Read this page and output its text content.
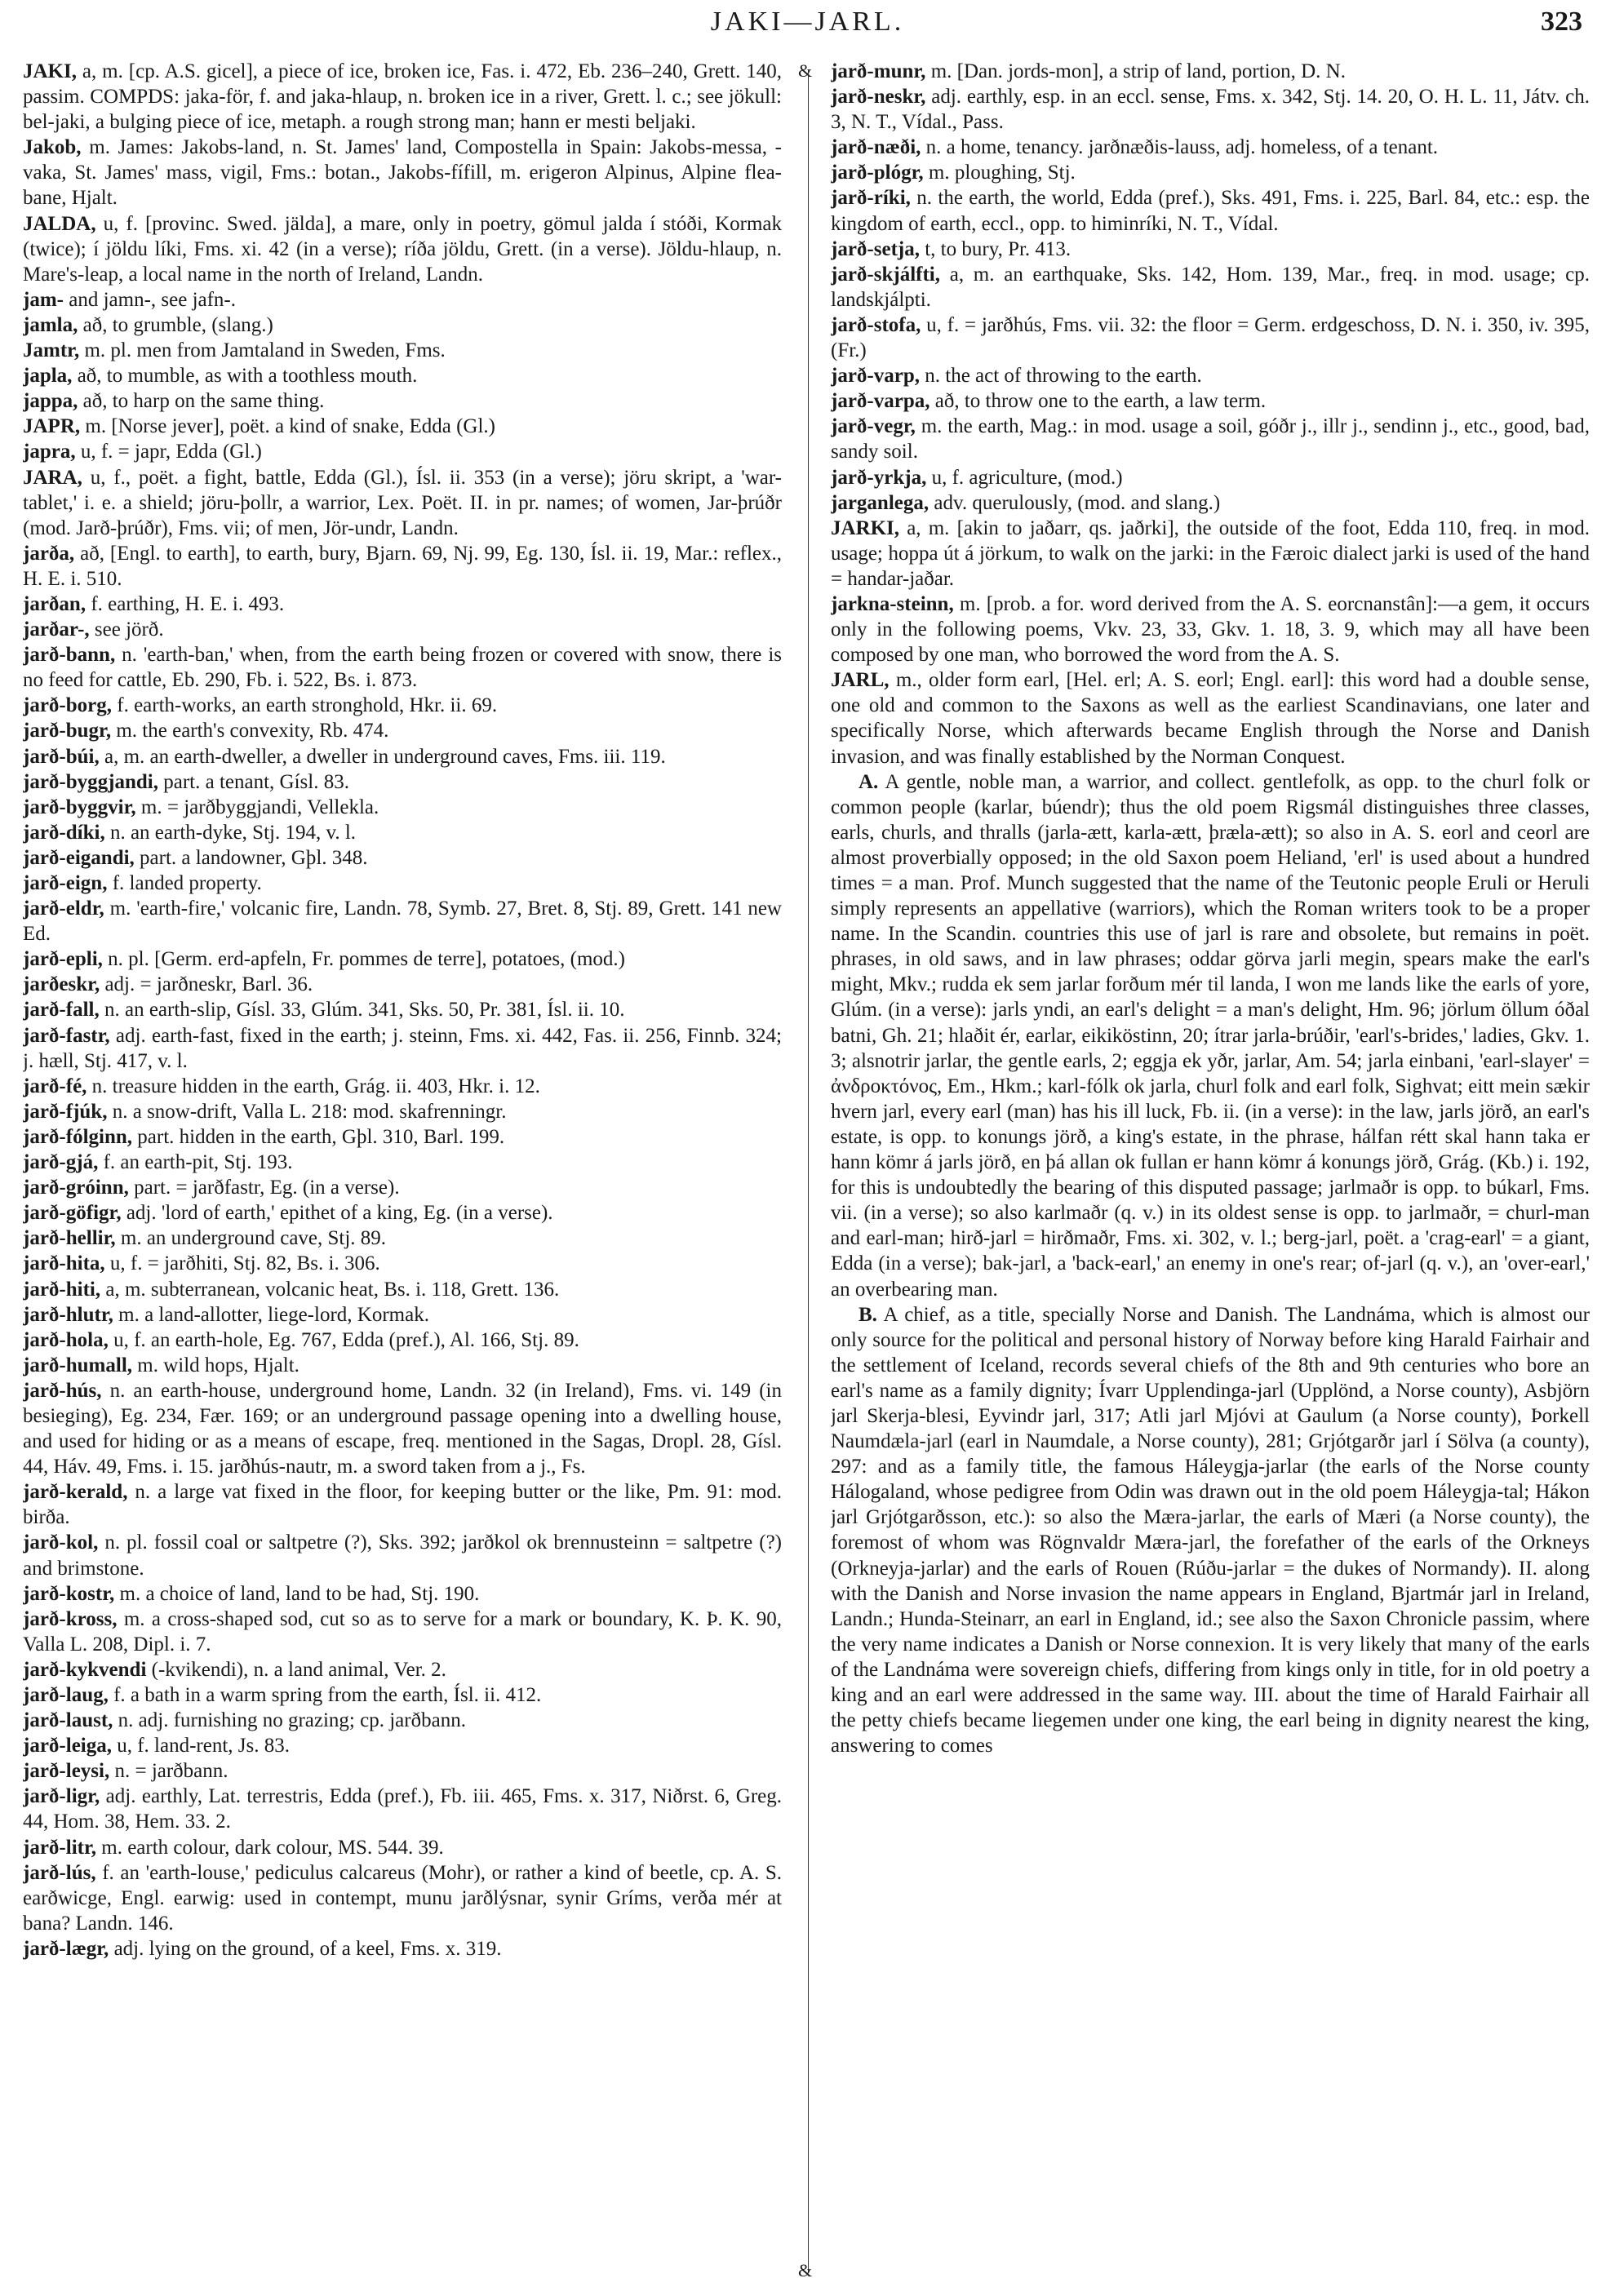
JAKI—JARL.	323
&
&

JAKI, a, m. [cp. A.S. gicel], a piece of ice, broken ice, Fas. i. 472, Eb. 236–240, Grett. 140, passim. COMPDS: jaka-för, f. and jaka-hlaup, n. broken ice in a river, Grett. l. c.; see jökull: bel-jaki, a bulging piece of ice, metaph. a rough strong man; hann er mesti beljaki.

Jakob, m. James: Jakobs-land, n. St. James' land, Compostella in Spain: Jakobs-messa, -vaka, St. James' mass, vigil, Fms.: botan., Jakobs-fífill, m. erigeron Alpinus, Alpine flea-bane, Hjalt.

JALDA, u, f. [provinc. Swed. jälda], a mare, only in poetry, gömul jalda í stóði, Kormak (twice); í jöldu líki, Fms. xi. 42 (in a verse); ríða jöldu, Grett. (in a verse). Jöldu-hlaup, n. Mare's-leap, a local name in the north of Ireland, Landn.

jam- and jamn-, see jafn-.

jamla, að, to grumble, (slang.)

Jamtr, m. pl. men from Jamtaland in Sweden, Fms.

japla, að, to mumble, as with a toothless mouth.

jappa, að, to harp on the same thing.

JAPR, m. [Norse jever], poët. a kind of snake, Edda (Gl.)

japra, u, f. = japr, Edda (Gl.)

JARA, u, f., poët. a fight, battle, Edda (Gl.), Ísl. ii. 353 (in a verse); jöru skript, a 'war-tablet,' i. e. a shield; jöru-þollr, a warrior, Lex. Poët. II. in pr. names; of women, Jar-þrúðr (mod. Jarð-þrúðr), Fms. vii; of men, Jör-undr, Landn.

jarða, að, [Engl. to earth], to earth, bury, Bjarn. 69, Nj. 99, Eg. 130, Ísl. ii. 19, Mar.: reflex., H. E. i. 510.

jarðan, f. earthing, H. E. i. 493.

jarðar-, see jörð.

jarð-bann, n. 'earth-ban,' when, from the earth being frozen or covered with snow, there is no feed for cattle, Eb. 290, Fb. i. 522, Bs. i. 873.

jarð-borg, f. earth-works, an earth stronghold, Hkr. ii. 69.

jarð-bugr, m. the earth's convexity, Rb. 474.

jarð-búi, a, m. an earth-dweller, a dweller in underground caves, Fms. iii. 119.

jarð-byggjandi, part. a tenant, Gísl. 83.

jarð-byggvir, m. = jarðbyggjandi, Vellekla.

jarð-díki, n. an earth-dyke, Stj. 194, v. l.

jarð-eigandi, part. a landowner, Gþl. 348.

jarð-eign, f. landed property.

jarð-eldr, m. 'earth-fire,' volcanic fire, Landn. 78, Symb. 27, Bret. 8, Stj. 89, Grett. 141 new Ed.

jarð-epli, n. pl. [Germ. erd-apfeln, Fr. pommes de terre], potatoes, (mod.)

jarðeskr, adj. = jarðneskr, Barl. 36.

jarð-fall, n. an earth-slip, Gísl. 33, Glúm. 341, Sks. 50, Pr. 381, Ísl. ii. 10.

jarð-fastr, adj. earth-fast, fixed in the earth; j. steinn, Fms. xi. 442, Fas. ii. 256, Finnb. 324; j. hæll, Stj. 417, v. l.

jarð-fé, n. treasure hidden in the earth, Grág. ii. 403, Hkr. i. 12.

jarð-fjúk, n. a snow-drift, Valla L. 218: mod. skafrenningr.

jarð-fólginn, part. hidden in the earth, Gþl. 310, Barl. 199.

jarð-gjá, f. an earth-pit, Stj. 193.

jarð-gróinn, part. = jarðfastr, Eg. (in a verse).

jarð-göfigr, adj. 'lord of earth,' epithet of a king, Eg. (in a verse).

jarð-hellir, m. an underground cave, Stj. 89.

jarð-hita, u, f. = jarðhiti, Stj. 82, Bs. i. 306.

jarð-hiti, a, m. subterranean, volcanic heat, Bs. i. 118, Grett. 136.

jarð-hlutr, m. a land-allotter, liege-lord, Kormak.

jarð-hola, u, f. an earth-hole, Eg. 767, Edda (pref.), Al. 166, Stj. 89.

jarð-humall, m. wild hops, Hjalt.

jarð-hús, n. an earth-house, underground home, Landn. 32 (in Ireland), Fms. vi. 149 (in besieging), Eg. 234, Fær. 169; or an underground passage opening into a dwelling house, and used for hiding or as a means of escape, freq. mentioned in the Sagas, Dropl. 28, Gísl. 44, Háv. 49, Fms. i. 15. jarðhús-nautr, m. a sword taken from a j., Fs.

jarð-kerald, n. a large vat fixed in the floor, for keeping butter or the like, Pm. 91: mod. birða.

jarð-kol, n. pl. fossil coal or saltpetre (?), Sks. 392; jarðkol ok brennusteinn = saltpetre (?) and brimstone.

jarð-kostr, m. a choice of land, land to be had, Stj. 190.

jarð-kross, m. a cross-shaped sod, cut so as to serve for a mark or boundary, K. Þ. K. 90, Valla L. 208, Dipl. i. 7.

jarð-kykvendi (-kvikendi), n. a land animal, Ver. 2.

jarð-laug, f. a bath in a warm spring from the earth, Ísl. ii. 412.

jarð-laust, n. adj. furnishing no grazing; cp. jarðbann.

jarð-leiga, u, f. land-rent, Js. 83.

jarð-leysi, n. = jarðbann.

jarð-ligr, adj. earthly, Lat. terrestris, Edda (pref.), Fb. iii. 465, Fms. x. 317, Niðrst. 6, Greg. 44, Hom. 38, Hem. 33. 2.

jarð-litr, m. earth colour, dark colour, MS. 544. 39.

jarð-lús, f. an 'earth-louse,' pediculus calcareus (Mohr), or rather a kind of beetle, cp. A. S. earðwicge, Engl. earwig: used in contempt, munu jarðlýsnar, synir Gríms, verða mér at bana? Landn. 146.

jarð-lægr, adj. lying on the ground, of a keel, Fms. x. 319.

jarð-munr, m. [Dan. jords-mon], a strip of land, portion, D. N.

jarð-neskr, adj. earthly, esp. in an eccl. sense, Fms. x. 342, Stj. 14. 20, O. H. L. 11, Játv. ch. 3, N. T., Vídal., Pass.

jarð-næði, n. a home, tenancy. jarðnæðis-lauss, adj. homeless, of a tenant.

jarð-plógr, m. ploughing, Stj.

jarð-ríki, n. the earth, the world, Edda (pref.), Sks. 491, Fms. i. 225, Barl. 84, etc.: esp. the kingdom of earth, eccl., opp. to himinríki, N. T., Vídal.

jarð-setja, t, to bury, Pr. 413.

jarð-skjálfti, a, m. an earthquake, Sks. 142, Hom. 139, Mar., freq. in mod. usage; cp. landskjálpti.

jarð-stofa, u, f. = jarðhús, Fms. vii. 32: the floor = Germ. erdgeschoss, D. N. i. 350, iv. 395, (Fr.)

jarð-varp, n. the act of throwing to the earth.

jarð-varpa, að, to throw one to the earth, a law term.

jarð-vegr, m. the earth, Mag.: in mod. usage a soil, góðr j., illr j., sendinn j., etc., good, bad, sandy soil.

jarð-yrkja, u, f. agriculture, (mod.)

jarganlega, adv. querulously, (mod. and slang.)

JARKI, a, m. [akin to jaðarr, qs. jaðrki], the outside of the foot, Edda 110, freq. in mod. usage; hoppa út á jörkum, to walk on the jarki: in the Færoic dialect jarki is used of the hand = handar-jaðar.

jarkna-steinn, m. [prob. a for. word derived from the A. S. eorcnanstân]:—a gem, it occurs only in the following poems, Vkv. 23, 33, Gkv. 1. 18, 3. 9, which may all have been composed by one man, who borrowed the word from the A. S.

JARL, m., older form earl, [Hel. erl; A. S. eorl; Engl. earl]: this word had a double sense, one old and common to the Saxons as well as the earliest Scandinavians, one later and specifically Norse, which afterwards became English through the Norse and Danish invasion, and was finally established by the Norman Conquest.

A. A gentle, noble man, a warrior, and collect. gentlefolk, as opp. to the churl folk or common people (karlar, búendr); thus the old poem Rigsmál distinguishes three classes, earls, churls, and thralls (jarla-ætt, karla-ætt, þræla-ætt); so also in A. S. eorl and ceorl are almost proverbially opposed; in the old Saxon poem Heliand, 'erl' is used about a hundred times = a man. Prof. Munch suggested that the name of the Teutonic people Eruli or Heruli simply represents an appellative (warriors), which the Roman writers took to be a proper name. In the Scandin. countries this use of jarl is rare and obsolete, but remains in poët. phrases, in old saws, and in law phrases; oddar görva jarli megin, spears make the earl's might, Mkv.; rudda ek sem jarlar forðum mér til landa, I won me lands like the earls of yore, Glúm. (in a verse): jarls yndi, an earl's delight = a man's delight, Hm. 96; jörlum öllum óðal batni, Gh. 21; hlaðit ér, earlar, eikiköstinn, 20; ítrar jarla-brúðir, 'earl's-brides,' ladies, Gkv. 1. 3; alsnotrir jarlar, the gentle earls, 2; eggja ek yðr, jarlar, Am. 54; jarla einbani, 'earl-slayer' = ἀνδροκτόνος, Em., Hkm.; karl-fólk ok jarla, churl folk and earl folk, Sighvat; eitt mein sækir hvern jarl, every earl (man) has his ill luck, Fb. ii. (in a verse): in the law, jarls jörð, an earl's estate, is opp. to konungs jörð, a king's estate, in the phrase, hálfan rétt skal hann taka er hann kömr á jarls jörð, en þá allan ok fullan er hann kömr á konungs jörð, Grág. (Kb.) i. 192, for this is undoubtedly the bearing of this disputed passage; jarlmaðr is opp. to búkarl, Fms. vii. (in a verse); so also karlmaðr (q. v.) in its oldest sense is opp. to jarlmaðr, = churl-man and earl-man; hirð-jarl = hirðmaðr, Fms. xi. 302, v. l.; berg-jarl, poët. a 'crag-earl' = a giant, Edda (in a verse); bak-jarl, a 'back-earl,' an enemy in one's rear; of-jarl (q. v.), an 'over-earl,' an overbearing man.

B. A chief, as a title, specially Norse and Danish. The Landnáma, which is almost our only source for the political and personal history of Norway before king Harald Fairhair and the settlement of Iceland, records several chiefs of the 8th and 9th centuries who bore an earl's name as a family dignity; Ívarr Upplendinga-jarl (Upplönd, a Norse county), Asbjörn jarl Skerja-blesi, Eyvindr jarl, 317; Atli jarl Mjóvi at Gaulum (a Norse county), Þorkell Naumdæla-jarl (earl in Naumdale, a Norse county), 281; Grjótgarðr jarl í Sölva (a county), 297: and as a family title, the famous Háleygja-jarlar (the earls of the Norse county Hálogaland, whose pedigree from Odin was drawn out in the old poem Háleygja-tal; Hákon jarl Grjótgarðsson, etc.): so also the Mæra-jarlar, the earls of Mæri (a Norse county), the foremost of whom was Rögnvaldr Mæra-jarl, the forefather of the earls of the Orkneys (Orkneyja-jarlar) and the earls of Rouen (Rúðu-jarlar = the dukes of Normandy). II. along with the Danish and Norse invasion the name appears in England, Bjartmár jarl in Ireland, Landn.; Hunda-Steinarr, an earl in England, id.; see also the Saxon Chronicle passim, where the very name indicates a Danish or Norse connexion. It is very likely that many of the earls of the Landnáma were sovereign chiefs, differing from kings only in title, for in old poetry a king and an earl were addressed in the same way. III. about the time of Harald Fairhair all the petty chiefs became liegemen under one king, the earl being in dignity nearest the king, answering to comes
